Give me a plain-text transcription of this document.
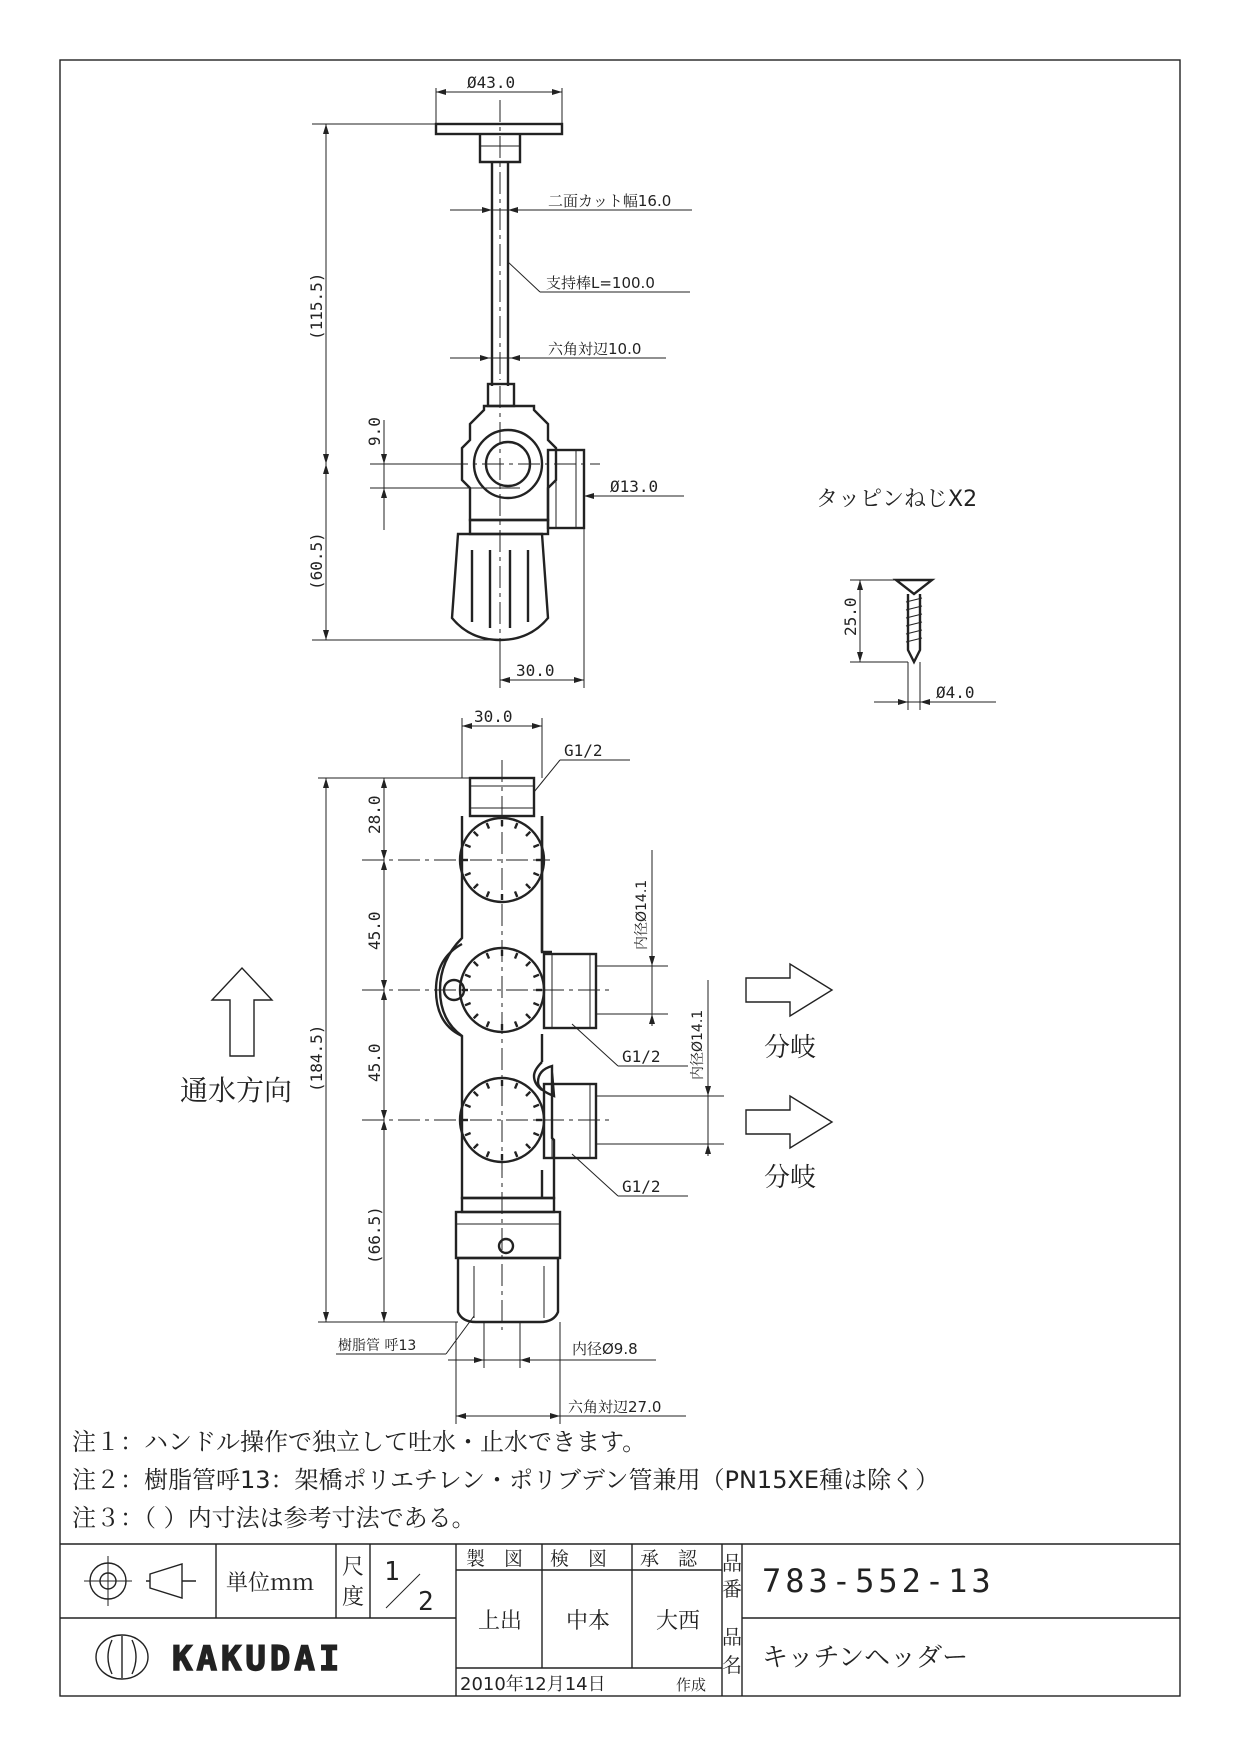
Ø43.0
二面カット幅16.0
支持棒L=100.0
六角対辺10.0
(115.5)
9.0
Ø13.0
(60.5)
30.0
タッピンねじX2
25.0
Ø4.0
30.0
G1/2
28.0
45.0
45.0
(66.5)
(184.5)
内径Ø14.1
内径Ø14.1
G1/2
G1/2
樹脂管 呼13	内径Ø9.8
六角対辺27.0
通水方向
分岐
分岐
注１：ハンドル操作で独立して吐水・止水できます。
注２：樹脂管呼13：架橋ポリエチレン・ポリブデン管兼用（PN15XE種は除く）
注３：（ ）内寸法は参考寸法である。
単位ｍｍ
尺
度
1
2
製　図 検　図 承　認
上出 中本 大西
2010年12月14日	作成
品
番 783-552-13
品
名 キッチンヘッダー
KAKUDAI
